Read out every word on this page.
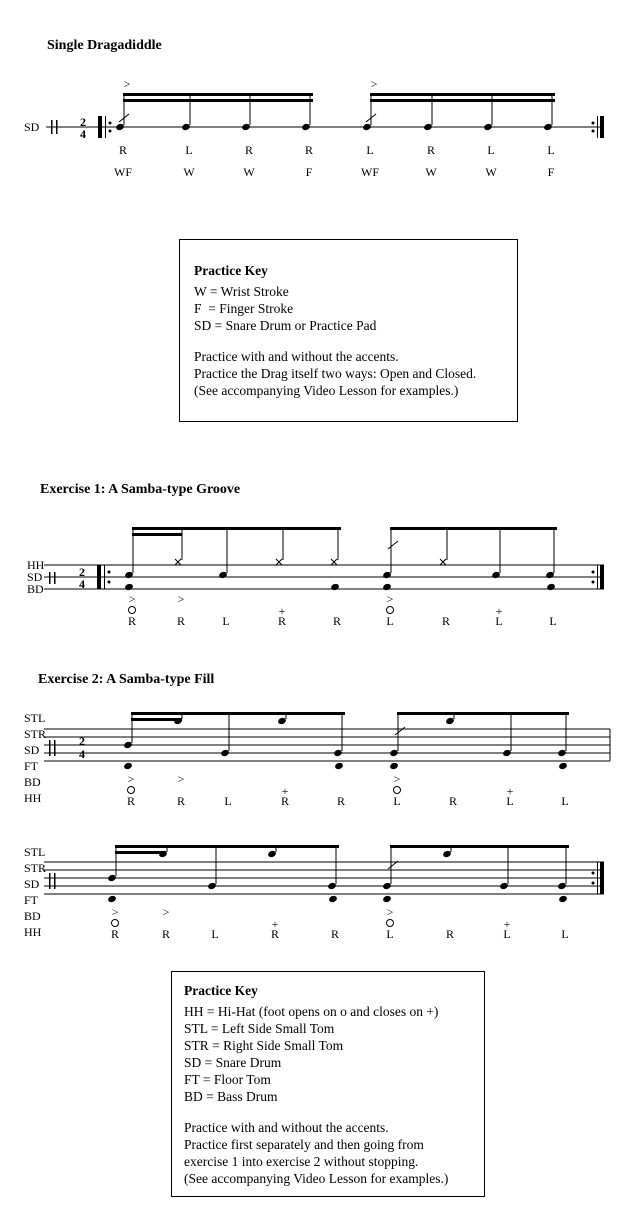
Single Dragadiddle
Exercise 1: A Samba-type Groove
Exercise 2: A Samba-type Fill
SD	2
4
R
WF
>
L
W
R
W
R
F
L
WF
>
R
W
L
W
L
F
HH
SD
BD
2
4
>
R
>
R	L
+
R	R
>
L	R
+
L	L
STL
STR
SD
FT
BD
HH
2
4
>
R
>
R	L
+
R	R
>
L	R
+
L	L
STL
STR
SD
FT
BD
HH
>
R
>
R	L
+
R	R
>
L	R
+
L	L
Practice Key
W = Wrist Stroke
F  = Finger Stroke
SD = Snare Drum or Practice Pad
Practice with and without the accents.
Practice the Drag itself two ways: Open and Closed.
(See accompanying Video Lesson for examples.)
Practice Key
HH = Hi-Hat (foot opens on o and closes on +)
STL = Left Side Small Tom
STR = Right Side Small Tom
SD = Snare Drum
FT = Floor Tom
BD = Bass Drum
Practice with and without the accents.
Practice first separately and then going from
exercise 1 into exercise 2 without stopping.
(See accompanying Video Lesson for examples.)
